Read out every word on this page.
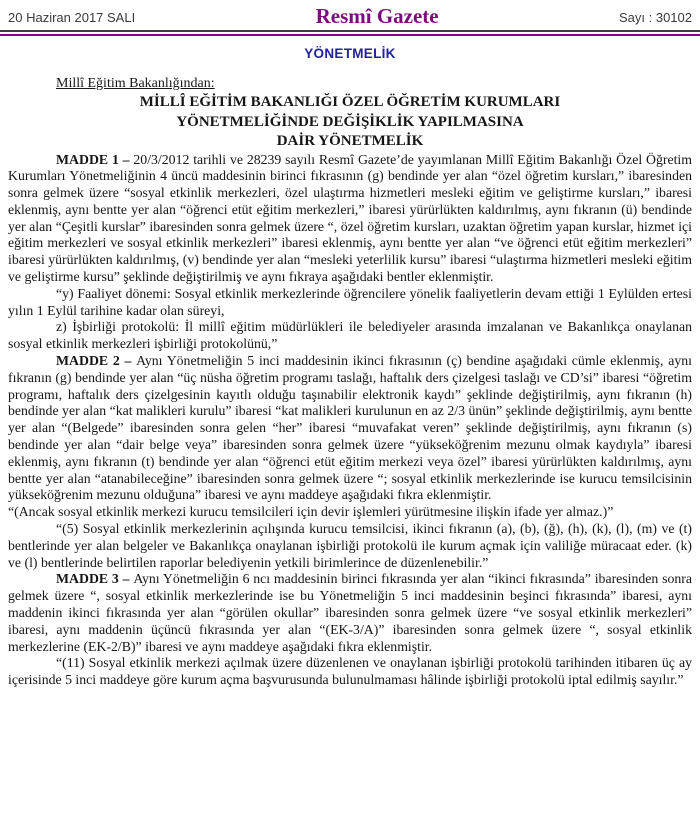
20 Haziran 2017 SALI	Resmî Gazete	Sayı : 30102
YÖNETMELİK
Millî Eğitim Bakanlığından:
MİLLÎ EĞİTİM BAKANLIĞI ÖZEL ÖĞRETİM KURUMLARI
YÖNETMELİĞİNDE DEĞİŞİKLİK YAPILMASINA
DAİR YÖNETMELİK

MADDE 1 – 20/3/2012 tarihli ve 28239 sayılı Resmî Gazete’de yayımlanan Millî Eğitim Bakanlığı Özel Öğretim Kurumları Yönetmeliğinin 4 üncü maddesinin birinci fıkrasının (g) bendinde yer alan “özel öğretim kursları,” ibaresinden sonra gelmek üzere “sosyal etkinlik merkezleri, özel ulaştırma hizmetleri mesleki eğitim ve geliştirme kursları,” ibaresi eklenmiş, aynı bentte yer alan “öğrenci etüt eğitim merkezleri,” ibaresi yürürlükten kaldırılmış, aynı fıkranın (ü) bendinde yer alan “Çeşitli kurslar” ibaresinden sonra gelmek üzere “, özel öğretim kursları, uzaktan öğretim yapan kurslar, hizmet içi eğitim merkezleri ve sosyal etkinlik merkezleri” ibaresi eklenmiş, aynı bentte yer alan “ve öğrenci etüt eğitim merkezleri” ibaresi yürürlükten kaldırılmış, (v) bendinde yer alan “mesleki yeterlilik kursu” ibaresi “ulaştırma hizmetleri mesleki eğitim ve geliştirme kursu” şeklinde değiştirilmiş ve aynı fıkraya aşağıdaki bentler eklenmiştir.

“y) Faaliyet dönemi: Sosyal etkinlik merkezlerinde öğrencilere yönelik faaliyetlerin devam ettiği 1 Eylülden ertesi yılın 1 Eylül tarihine kadar olan süreyi,

z) İşbirliği protokolü: İl millî eğitim müdürlükleri ile belediyeler arasında imzalanan ve Bakanlıkça onaylanan sosyal etkinlik merkezleri işbirliği protokolünü,”

MADDE 2 – Aynı Yönetmeliğin 5 inci maddesinin ikinci fıkrasının (ç) bendine aşağıdaki cümle eklenmiş, aynı fıkranın (g) bendinde yer alan “üç nüsha öğretim programı taslağı, haftalık ders çizelgesi taslağı ve CD’si” ibaresi “öğretim programı, haftalık ders çizelgesinin kayıtlı olduğu taşınabilir elektronik kaydı” şeklinde değiştirilmiş, aynı fıkranın (h) bendinde yer alan “kat malikleri kurulu” ibaresi “kat malikleri kurulunun en az 2/3 ünün” şeklinde değiştirilmiş, aynı bentte yer alan “(Belgede” ibaresinden sonra gelen “her” ibaresi “muvafakat veren” şeklinde değiştirilmiş, aynı fıkranın (s) bendinde yer alan “dair belge veya” ibaresinden sonra gelmek üzere “yükseköğrenim mezunu olmak kaydıyla” ibaresi eklenmiş, aynı fıkranın (t) bendinde yer alan “öğrenci etüt eğitim merkezi veya özel” ibaresi yürürlükten kaldırılmış, aynı bentte yer alan “atanabileceğine” ibaresinden sonra gelmek üzere “; sosyal etkinlik merkezlerinde ise kurucu temsilcisinin yükseköğrenim mezunu olduğuna” ibaresi ve aynı maddeye aşağıdaki fıkra eklenmiştir.

“(Ancak sosyal etkinlik merkezi kurucu temsilcileri için devir işlemleri yürütmesine ilişkin ifade yer almaz.)”

“(5) Sosyal etkinlik merkezlerinin açılışında kurucu temsilcisi, ikinci fıkranın (a), (b), (ğ), (h), (k), (l), (m) ve (t) bentlerinde yer alan belgeler ve Bakanlıkça onaylanan işbirliği protokolü ile kurum açmak için valiliğe müracaat eder. (k) ve (l) bentlerinde belirtilen raporlar belediyenin yetkili birimlerince de düzenlenebilir.”

MADDE 3 – Aynı Yönetmeliğin 6 ncı maddesinin birinci fıkrasında yer alan “ikinci fıkrasında” ibaresinden sonra gelmek üzere “, sosyal etkinlik merkezlerinde ise bu Yönetmeliğin 5 inci maddesinin beşinci fıkrasında” ibaresi, aynı maddenin ikinci fıkrasında yer alan “görülen okullar” ibaresinden sonra gelmek üzere “ve sosyal etkinlik merkezleri” ibaresi, aynı maddenin üçüncü fıkrasında yer alan “(EK-3/A)” ibaresinden sonra gelmek üzere “, sosyal etkinlik merkezlerine (EK-2/B)” ibaresi ve aynı maddeye aşağıdaki fıkra eklenmiştir.

“(11) Sosyal etkinlik merkezi açılmak üzere düzenlenen ve onaylanan işbirliği protokolü tarihinden itibaren üç ay içerisinde 5 inci maddeye göre kurum açma başvurusunda bulunulmaması hâlinde işbirliği protokolü iptal edilmiş sayılır.”
